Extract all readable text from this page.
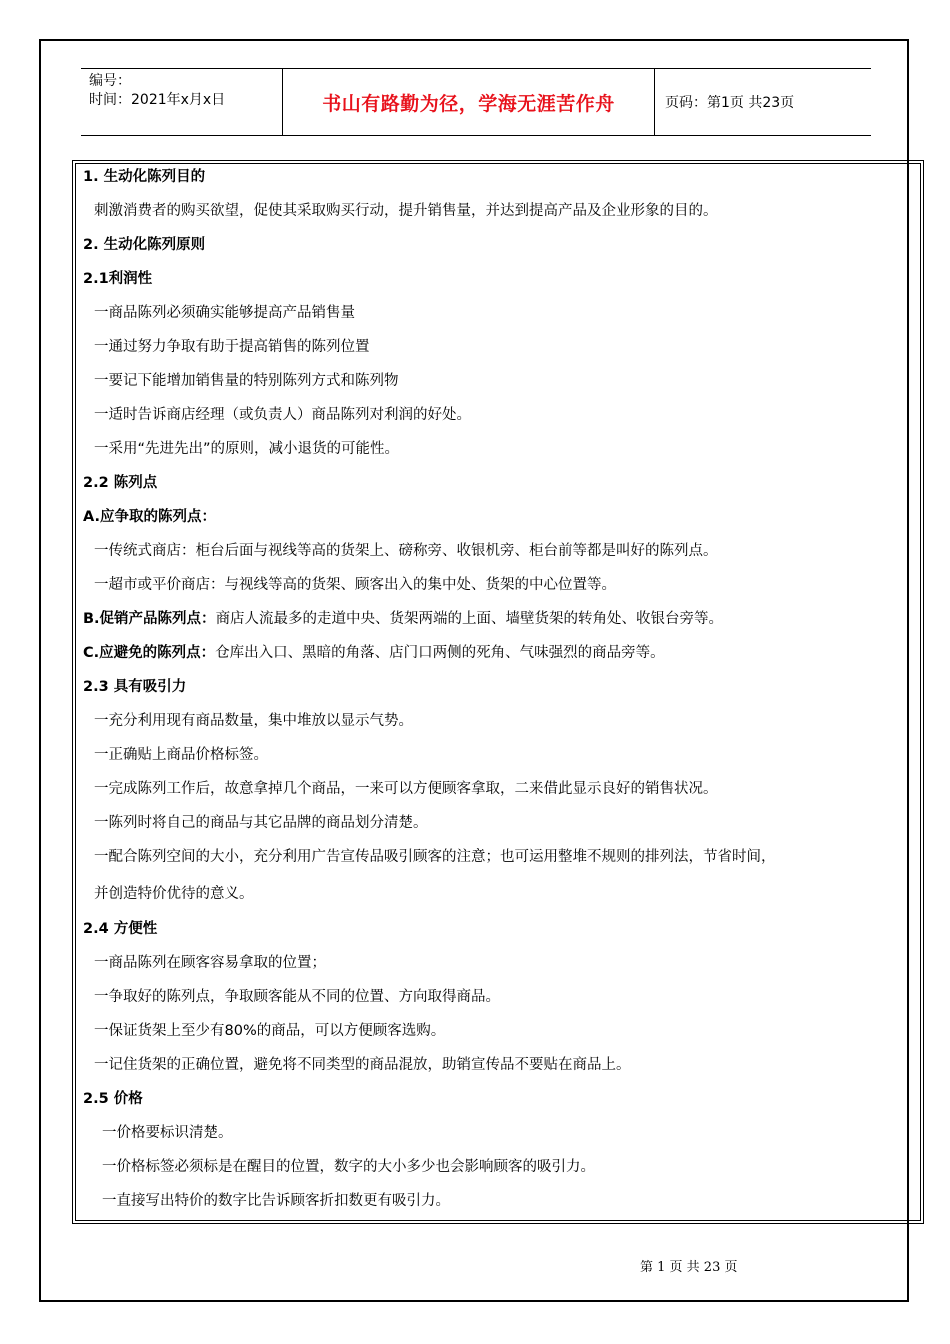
编号：
时间：2021年x月x日	书山有路勤为径，学海无涯苦作舟	页码：第1页 共23页
1. 生动化陈列目的
刺激消费者的购买欲望，促使其采取购买行动，提升销售量，并达到提高产品及企业形象的目的。
2. 生动化陈列原则
2.1利润性
一商品陈列必须确实能够提高产品销售量
一通过努力争取有助于提高销售的陈列位置
一要记下能增加销售量的特别陈列方式和陈列物
一适时告诉商店经理（或负责人）商品陈列对利润的好处。
一采用“先进先出”的原则，减小退货的可能性。
2.2 陈列点
A.应争取的陈列点：
一传统式商店：柜台后面与视线等高的货架上、磅称旁、收银机旁、柜台前等都是叫好的陈列点。
一超市或平价商店：与视线等高的货架、顾客出入的集中处、货架的中心位置等。
B.促销产品陈列点：商店人流最多的走道中央、货架两端的上面、墙壁货架的转角处、收银台旁等。
C.应避免的陈列点：仓库出入口、黑暗的角落、店门口两侧的死角、气味强烈的商品旁等。
2.3 具有吸引力
一充分利用现有商品数量，集中堆放以显示气势。
一正确贴上商品价格标签。
一完成陈列工作后，故意拿掉几个商品，一来可以方便顾客拿取，二来借此显示良好的销售状况。
一陈列时将自己的商品与其它品牌的商品划分清楚。
一配合陈列空间的大小，充分利用广告宣传品吸引顾客的注意；也可运用整堆不规则的排列法，节省时间，
并创造特价优待的意义。
2.4 方便性
一商品陈列在顾客容易拿取的位置；
一争取好的陈列点，争取顾客能从不同的位置、方向取得商品。
一保证货架上至少有80%的商品，可以方便顾客选购。
一记住货架的正确位置，避免将不同类型的商品混放，助销宣传品不要贴在商品上。
2.5 价格
一价格要标识清楚。
一价格标签必须标是在醒目的位置，数字的大小多少也会影响顾客的吸引力。
一直接写出特价的数字比告诉顾客折扣数更有吸引力。
第 1 页 共 23 页
